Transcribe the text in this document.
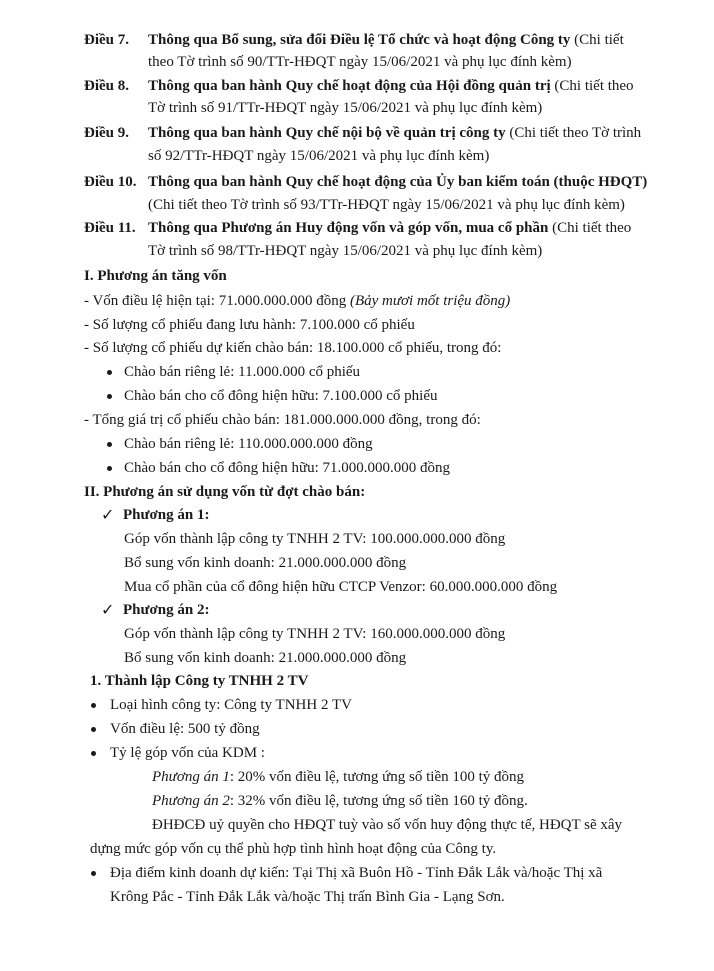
Điều 7. Thông qua Bổ sung, sửa đổi Điều lệ Tổ chức và hoạt động Công ty (Chi tiết
theo Tờ trình số 90/TTr-HĐQT ngày 15/06/2021 và phụ lục đính kèm)
Điều 8. Thông qua ban hành Quy chế hoạt động của Hội đồng quản trị (Chi tiết theo
Tờ trình số 91/TTr-HĐQT ngày 15/06/2021 và phụ lục đính kèm)
Điều 9. Thông qua ban hành Quy chế nội bộ về quản trị công ty (Chi tiết theo Tờ trình
số 92/TTr-HĐQT ngày 15/06/2021 và phụ lục đính kèm)
Điều 10. Thông qua ban hành Quy chế hoạt động của Ủy ban kiểm toán (thuộc HĐQT)
(Chi tiết theo Tờ trình số 93/TTr-HĐQT ngày 15/06/2021 và phụ lục đính kèm)
Điều 11. Thông qua Phương án Huy động vốn và góp vốn, mua cổ phần (Chi tiết theo
Tờ trình số 98/TTr-HĐQT ngày 15/06/2021 và phụ lục đính kèm)
I. Phương án tăng vốn
- Vốn điều lệ hiện tại: 71.000.000.000 đồng (Bảy mươi mốt triệu đồng)
- Số lượng cổ phiếu đang lưu hành: 7.100.000 cổ phiếu
- Số lượng cổ phiếu dự kiến chào bán: 18.100.000 cổ phiếu, trong đó:
Chào bán riêng lẻ: 11.000.000 cổ phiếu
Chào bán cho cổ đông hiện hữu: 7.100.000 cổ phiếu
- Tổng giá trị cổ phiếu chào bán: 181.000.000.000 đồng, trong đó:
Chào bán riêng lẻ: 110.000.000.000 đồng
Chào bán cho cổ đông hiện hữu: 71.000.000.000 đồng
II. Phương án sử dụng vốn từ đợt chào bán:
✓ Phương án 1:
Góp vốn thành lập công ty TNHH 2 TV: 100.000.000.000 đồng
Bổ sung vốn kinh doanh: 21.000.000.000 đồng
Mua cổ phần của cổ đông hiện hữu CTCP Venzor: 60.000.000.000 đồng
✓ Phương án 2:
Góp vốn thành lập công ty TNHH 2 TV: 160.000.000.000 đồng
Bổ sung vốn kinh doanh: 21.000.000.000 đồng
1. Thành lập Công ty TNHH 2 TV
Loại hình công ty: Công ty TNHH 2 TV
Vốn điều lệ: 500 tỷ đồng
Tỷ lệ góp vốn của KDM :
Phương án 1: 20% vốn điều lệ, tương ứng số tiền 100 tỷ đồng
Phương án 2: 32% vốn điều lệ, tương ứng số tiền 160 tỷ đồng.
ĐHĐCĐ uỷ quyền cho HĐQT tuỳ vào số vốn huy động thực tế, HĐQT sẽ xây
dựng mức góp vốn cụ thể phù hợp tình hình hoạt động của Công ty.
Địa điểm kinh doanh dự kiến: Tại Thị xã Buôn Hồ - Tỉnh Đắk Lắk và/hoặc Thị xã
Krông Pắc - Tỉnh Đắk Lắk và/hoặc Thị trấn Bình Gia - Lạng Sơn.
